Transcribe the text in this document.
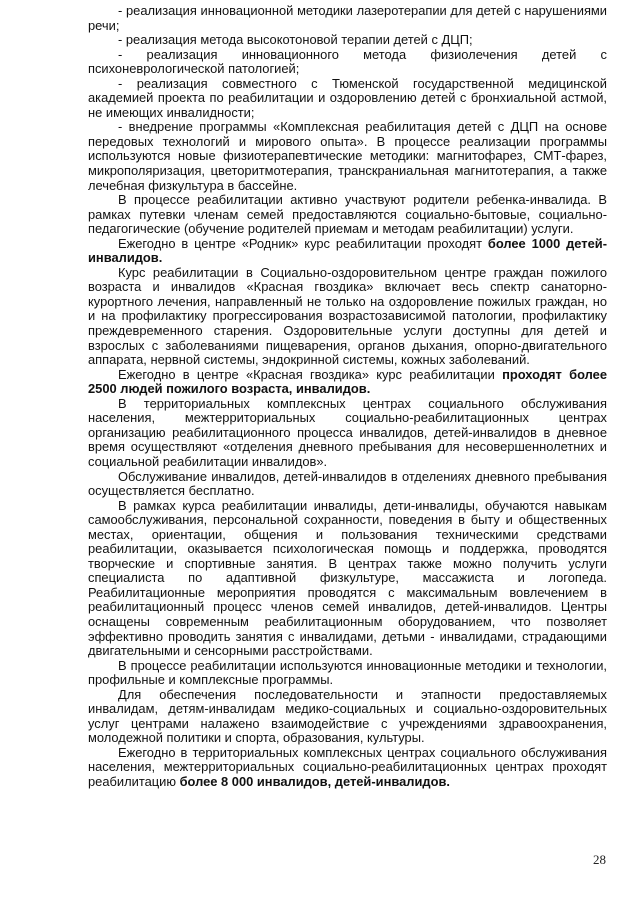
- реализация инновационной методики лазеротерапии для детей с нарушениями речи;

- реализация метода высокотоновой терапии детей с ДЦП;

- реализация инновационного метода физиолечения детей с психоневрологической патологией;

- реализация совместного с Тюменской государственной медицинской академией проекта по реабилитации и оздоровлению детей с бронхиальной астмой, не имеющих инвалидности;

- внедрение программы «Комплексная реабилитация детей с ДЦП на основе передовых технологий и мирового опыта». В процессе реализации программы используются новые физиотерапевтические методики: магнитофарез, СМТ-фарез, микрополяризация, цветоритмотерапия, транскраниальная магнитотерапия, а также лечебная физкультура в бассейне.

В процессе реабилитации активно участвуют родители ребенка-инвалида. В рамках путевки членам семей предоставляются социально-бытовые, социально-педагогические (обучение родителей приемам и методам реабилитации) услуги.

Ежегодно в центре «Родник» курс реабилитации проходят более 1000 детей-инвалидов.

Курс реабилитации в Социально-оздоровительном центре граждан пожилого возраста и инвалидов «Красная гвоздика» включает весь спектр санаторно-курортного лечения, направленный не только на оздоровление пожилых граждан, но и на профилактику прогрессирования возрастозависимой патологии, профилактику преждевременного старения. Оздоровительные услуги доступны для детей и взрослых с заболеваниями пищеварения, органов дыхания, опорно-двигательного аппарата, нервной системы, эндокринной системы, кожных заболеваний.

Ежегодно в центре «Красная гвоздика» курс реабилитации проходят более 2500 людей пожилого возраста, инвалидов.

В территориальных комплексных центрах социального обслуживания населения, межтерриториальных социально-реабилитационных центрах организацию реабилитационного процесса инвалидов, детей-инвалидов в дневное время осуществляют «отделения дневного пребывания для несовершеннолетних и социальной реабилитации инвалидов».

Обслуживание инвалидов, детей-инвалидов в отделениях дневного пребывания осуществляется бесплатно.

В рамках курса реабилитации инвалиды, дети-инвалиды, обучаются навыкам самообслуживания, персональной сохранности, поведения в быту и общественных местах, ориентации, общения и пользования техническими средствами реабилитации, оказывается психологическая помощь и поддержка, проводятся творческие и спортивные занятия. В центрах также можно получить услуги специалиста по адаптивной физкультуре, массажиста и логопеда. Реабилитационные мероприятия проводятся с максимальным вовлечением в реабилитационный процесс членов семей инвалидов, детей-инвалидов. Центры оснащены современным реабилитационным оборудованием, что позволяет эффективно проводить занятия с инвалидами, детьми - инвалидами, страдающими двигательными и сенсорными расстройствами.

В процессе реабилитации используются инновационные методики и технологии, профильные и комплексные программы.

Для обеспечения последовательности и этапности предоставляемых инвалидам, детям-инвалидам медико-социальных и социально-оздоровительных услуг центрами налажено взаимодействие с учреждениями здравоохранения, молодежной политики и спорта, образования, культуры.

Ежегодно в территориальных комплексных центрах социального обслуживания населения, межтерриториальных социально-реабилитационных центрах проходят реабилитацию более 8 000 инвалидов, детей-инвалидов.

28
